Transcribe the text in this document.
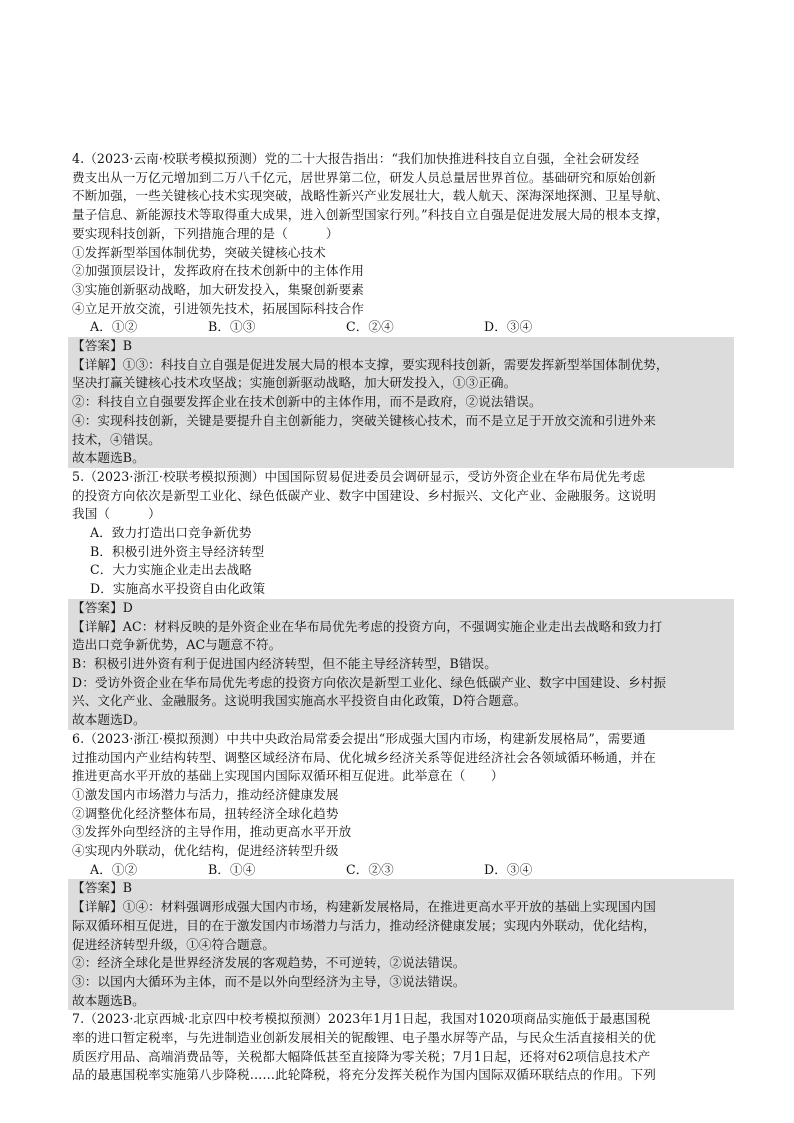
4.（2023·云南·校联考模拟预测）党的二十大报告指出：“我们加快推进科技自立自强，全社会研发经
费支出从一万亿元增加到二万八千亿元，居世界第二位，研发人员总量居世界首位。基础研究和原始创新
不断加强，一些关键核心技术实现突破，战略性新兴产业发展壮大，载人航天、深海深地探测、卫星导航、
量子信息、新能源技术等取得重大成果，进入创新型国家行列。”科技自立自强是促进发展大局的根本支撑，
要实现科技创新，下列措施合理的是（　　　）
①发挥新型举国体制优势，突破关键核心技术
②加强顶层设计，发挥政府在技术创新中的主体作用
③实施创新驱动战略，加大研发投入，集聚创新要素
④立足开放交流，引进领先技术，拓展国际科技合作
A．①②	B．①③	C．②④	D．③④
【答案】B
【详解】①③：科技自立自强是促进发展大局的根本支撑，要实现科技创新，需要发挥新型举国体制优势，
坚决打赢关键核心技术攻坚战；实施创新驱动战略，加大研发投入，①③正确。
②：科技自立自强要发挥企业在技术创新中的主体作用，而不是政府，②说法错误。
④：实现科技创新，关键是要提升自主创新能力，突破关键核心技术，而不是立足于开放交流和引进外来
技术，④错误。
故本题选B。
5.（2023·浙江·校联考模拟预测）中国国际贸易促进委员会调研显示，受访外资企业在华布局优先考虑
的投资方向依次是新型工业化、绿色低碳产业、数字中国建设、乡村振兴、文化产业、金融服务。这说明
我国（　　　）
A．致力打造出口竞争新优势
B．积极引进外资主导经济转型
C．大力实施企业走出去战略
D．实施高水平投资自由化政策
【答案】D
【详解】AC：材料反映的是外资企业在华布局优先考虑的投资方向，不强调实施企业走出去战略和致力打
造出口竞争新优势，AC与题意不符。
B：积极引进外资有利于促进国内经济转型，但不能主导经济转型，B错误。
D：受访外资企业在华布局优先考虑的投资方向依次是新型工业化、绿色低碳产业、数字中国建设、乡村振
兴、文化产业、金融服务。这说明我国实施高水平投资自由化政策，D符合题意。
故本题选D。
6.（2023·浙江·模拟预测）中共中央政治局常委会提出“形成强大国内市场，构建新发展格局”，需要通
过推动国内产业结构转型、调整区域经济布局、优化城乡经济关系等促进经济社会各领域循环畅通，并在
推进更高水平开放的基础上实现国内国际双循环相互促进。此举意在（　　）
①激发国内市场潜力与活力，推动经济健康发展
②调整优化经济整体布局，扭转经济全球化趋势
③发挥外向型经济的主导作用，推动更高水平开放
④实现内外联动，优化结构，促进经济转型升级
A．①②	B．①④	C．②③	D．③④
【答案】B
【详解】①④：材料强调形成强大国内市场，构建新发展格局，在推进更高水平开放的基础上实现国内国
际双循环相互促进，目的在于激发国内市场潜力与活力，推动经济健康发展；实现内外联动，优化结构，
促进经济转型升级，①④符合题意。
②：经济全球化是世界经济发展的客观趋势，不可逆转，②说法错误。
③：以国内大循环为主体，而不是以外向型经济为主导，③说法错误。
故本题选B。
7.（2023·北京西城·北京四中校考模拟预测）2023年1月1日起，我国对1020项商品实施低于最惠国税
率的进口暂定税率，与先进制造业创新发展相关的铌酸锂、电子墨水屏等产品，与民众生活直接相关的优
质医疗用品、高端消费品等，关税都大幅降低甚至直接降为零关税；7月1日起，还将对62项信息技术产
品的最惠国税率实施第八步降税……此轮降税，将充分发挥关税作为国内国际双循环联结点的作用。下列
